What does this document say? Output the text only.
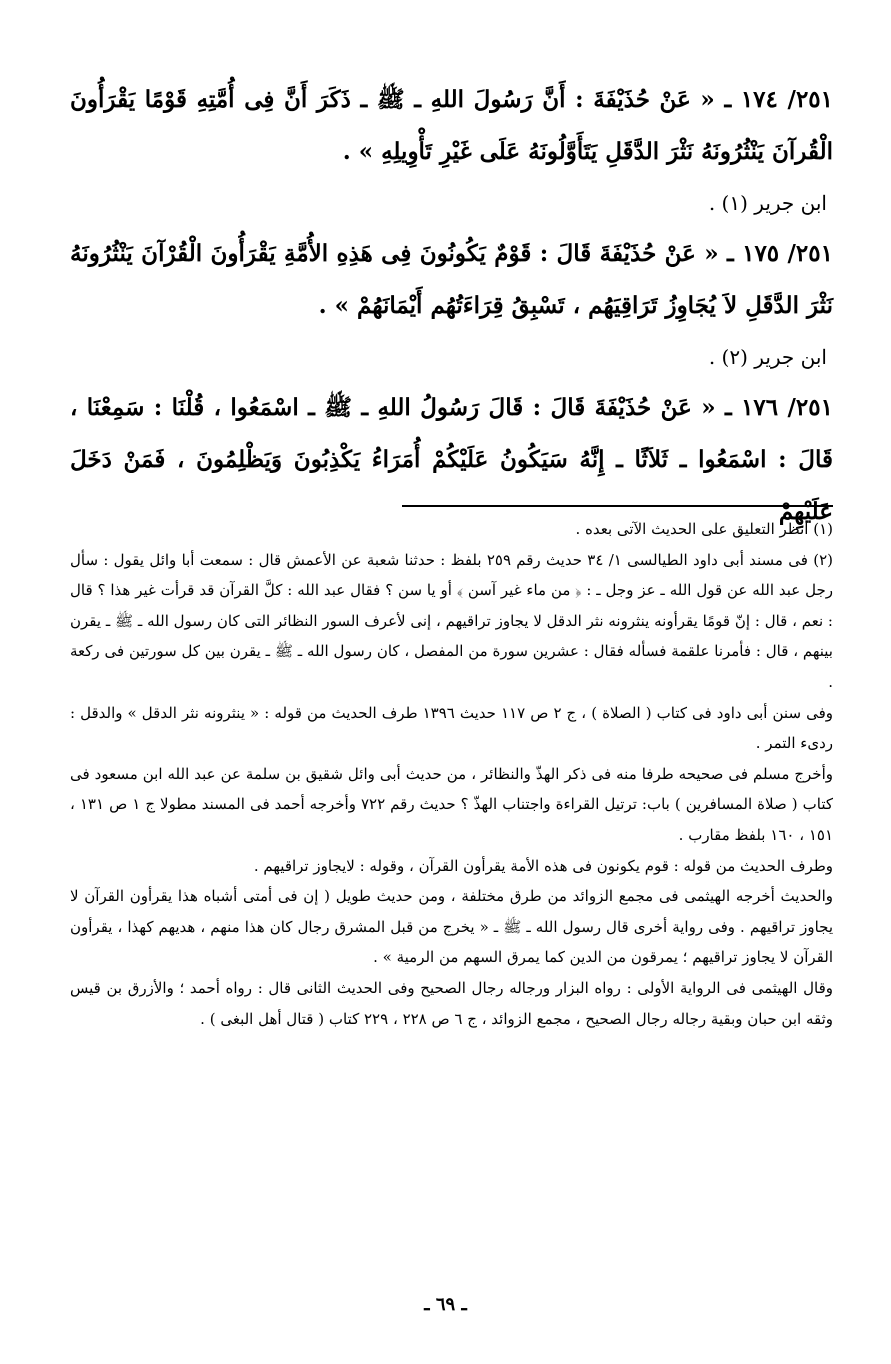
٢٥١/ ١٧٤ ـ « عَنْ حُذَيْفَةَ : أَنَّ رَسُولَ اللهِ ـ ﷺ ـ ذَكَرَ أَنَّ فِى أُمَّتِهِ قَوْمًا يَقْرَأُونَ الْقُرآنَ يَنْثُرُونَهُ نَثْرَ الدَّقَلِ يَتَأَوَّلُونَهُ عَلَى غَيْرِ تَأْوِيلِهِ » .

ابن جرير (١) .

٢٥١/ ١٧٥ ـ « عَنْ حُذَيْفَةَ قَالَ : قَوْمٌ يَكُونُونَ فِى هَذِهِ الأُمَّةِ يَقْرَأُونَ الْقُرْآنَ يَنْثُرُونَهُ نَثْرَ الدَّقَلِ لاَ يُجَاوِزُ تَرَاقِيَهُم ، تَسْبِقُ قِرَاءَتُهُم أَيْمَانَهُمْ » .

ابن جرير (٢) .

٢٥١/ ١٧٦ ـ « عَنْ حُذَيْفَةَ قَالَ : قَالَ رَسُولُ اللهِ ـ ﷺ ـ اسْمَعُوا ، قُلْنَا : سَمِعْنَا ، قَالَ : اسْمَعُوا ـ ثَلاَثًا ـ إِنَّهُ سَيَكُونُ عَلَيْكُمْ أُمَرَاءُ يَكْذِبُونَ وَيَظْلِمُونَ ، فَمَنْ دَخَلَ عَلَيْهِمْ

(١) انظر التعليق على الحديث الآتى بعده .

(٢) فى مسند أبى داود الطيالسى ١/ ٣٤ حديث رقم ٢٥٩ بلفظ : حدثنا شعبة عن الأعمش قال : سمعت أبا وائل يقول : سأل رجل عبد الله عن قول الله ـ عز وجل ـ : ﴿ من ماء غير آسن ﴾ أو يا سن ؟ فقال عبد الله : كلَّ القرآن قد قرأت غير هذا ؟ قال : نعم ، قال : إنّ قومًا يقرأونه ينثرونه نثر الدقل لا يجاوز تراقيهم ، إنى لأعرف السور النظائر التى كان رسول الله ـ ﷺ ـ يقرن بينهم ، قال : فأمرنا علقمة فسأله فقال : عشرين سورة من المفصل ، كان رسول الله ـ ﷺ ـ يقرن بين كل سورتين فى ركعة .

وفى سنن أبى داود فى كتاب ( الصلاة ) ، ج ٢ ص ١١٧ حديث ١٣٩٦ طرف الحديث من قوله : « ينثرونه نثر الدقل » والدقل : ردىء التمر .

وأخرج مسلم فى صحيحه طرفا منه فى ذكر الهذّ والنظائر ، من حديث أبى وائل شقيق بن سلمة عن عبد الله ابن مسعود فى كتاب ( صلاة المسافرين ) باب: ترتيل القراءة واجتناب الهذّ ؟ حديث رقم ٧٢٢ وأخرجه أحمد فى المسند مطولا ج ١ ص ١٣١ ، ١٥١ ، ١٦٠ بلفظ مقارب .

وطرف الحديث من قوله : قوم يكونون فى هذه الأمة يقرأون القرآن ، وقوله : لايجاوز تراقيهم .

والحديث أخرجه الهيثمى فى مجمع الزوائد من طرق مختلفة ، ومن حديث طويل ( إن فى أمتى أشباه هذا يقرأون القرآن لا يجاوز تراقيهم . وفى رواية أخرى قال رسول الله ـ ﷺ ـ « يخرج من قبل المشرق رجال كان هذا منهم ، هديهم كهذا ، يقرأون القرآن لا يجاوز تراقيهم ؛ يمرقون من الدين كما يمرق السهم من الرمية » .

وقال الهيثمى فى الرواية الأولى : رواه البزار ورجاله رجال الصحيح وفى الحديث الثانى قال : رواه أحمد ؛ والأزرق بن قيس وثقه ابن حبان وبقية رجاله رجال الصحيح ، مجمع الزوائد ، ج ٦ ص ٢٢٨ ، ٢٢٩ كتاب ( قتال أهل البغى ) .

ـ ٦٩ ـ
